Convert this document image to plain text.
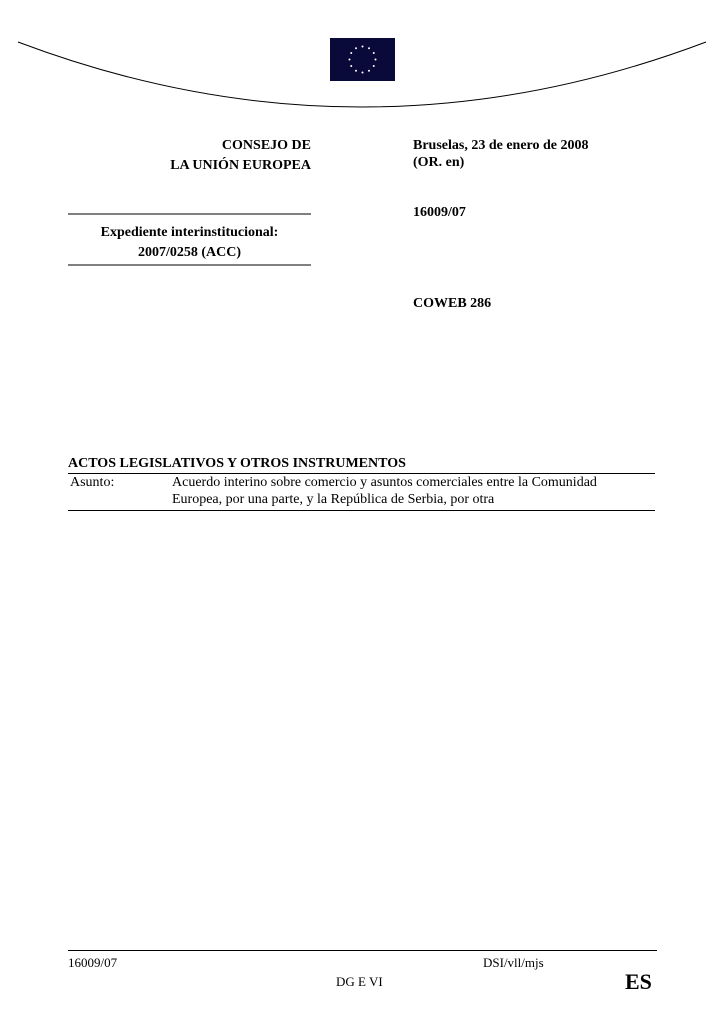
CONSEJO DE
LA UNIÓN EUROPEA
Bruselas, 23 de enero de 2008
(OR. en)
16009/07
COWEB 286
Expediente interinstitucional:
2007/0258 (ACC)
ACTOS LEGISLATIVOS Y OTROS INSTRUMENTOS
Asunto:	Acuerdo interino sobre comercio y asuntos comerciales entre la Comunidad
Europea, por una parte, y la República de Serbia, por otra
16009/07	DSI/vll/mjs
DG E VI	ES
